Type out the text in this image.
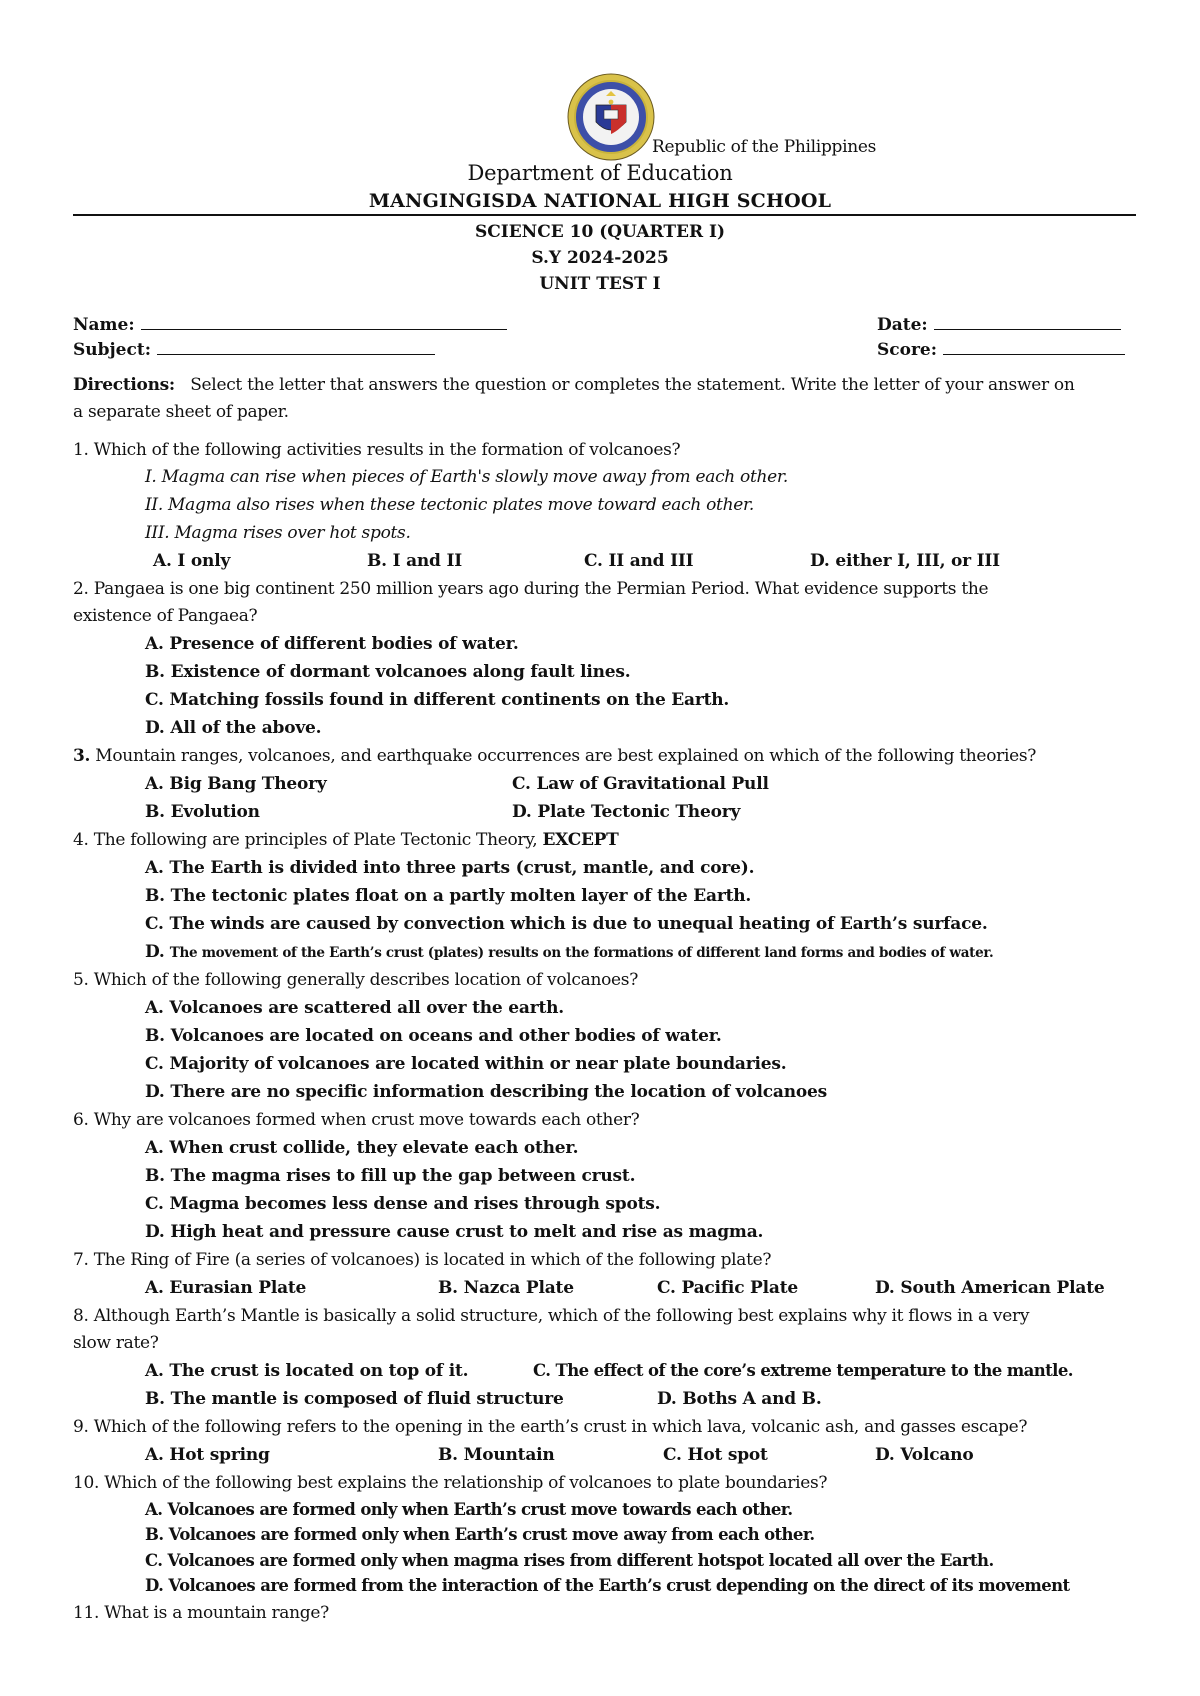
Republic of the Philippines
Department of Education
MANGINGISDA NATIONAL HIGH SCHOOL
SCIENCE 10 (QUARTER I)
S.Y 2024-2025
UNIT TEST I
Name:	Date:
Subject:	Score:
Directions: Select the letter that answers the question or completes the statement. Write the letter of your answer on
a separate sheet of paper.
1. Which of the following activities results in the formation of volcanoes?
I. Magma can rise when pieces of Earth's slowly move away from each other.
II. Magma also rises when these tectonic plates move toward each other.
III. Magma rises over hot spots.
A. I only	B. I and II	C. II and III	D. either I, III, or III
2. Pangaea is one big continent 250 million years ago during the Permian Period. What evidence supports the
existence of Pangaea?
A. Presence of different bodies of water.
B. Existence of dormant volcanoes along fault lines.
C. Matching fossils found in different continents on the Earth.
D. All of the above.
3. Mountain ranges, volcanoes, and earthquake occurrences are best explained on which of the following theories?
A. Big Bang Theory	C. Law of Gravitational Pull
B. Evolution	D. Plate Tectonic Theory
4. The following are principles of Plate Tectonic Theory, EXCEPT
A. The Earth is divided into three parts (crust, mantle, and core).
B. The tectonic plates float on a partly molten layer of the Earth.
C. The winds are caused by convection which is due to unequal heating of Earth’s surface.
D. The movement of the Earth’s crust (plates) results on the formations of different land forms and bodies of water.
5. Which of the following generally describes location of volcanoes?
A. Volcanoes are scattered all over the earth.
B. Volcanoes are located on oceans and other bodies of water.
C. Majority of volcanoes are located within or near plate boundaries.
D. There are no specific information describing the location of volcanoes
6. Why are volcanoes formed when crust move towards each other?
A. When crust collide, they elevate each other.
B. The magma rises to fill up the gap between crust.
C. Magma becomes less dense and rises through spots.
D. High heat and pressure cause crust to melt and rise as magma.
7. The Ring of Fire (a series of volcanoes) is located in which of the following plate?
A. Eurasian Plate	B. Nazca Plate	C. Pacific Plate	D. South American Plate
8. Although Earth’s Mantle is basically a solid structure, which of the following best explains why it flows in a very
slow rate?
A. The crust is located on top of it.	C. The effect of the core’s extreme temperature to the mantle.
B. The mantle is composed of fluid structure	D. Boths A and B.
9. Which of the following refers to the opening in the earth’s crust in which lava, volcanic ash, and gasses escape?
A. Hot spring	B. Mountain	C. Hot spot	D. Volcano
10. Which of the following best explains the relationship of volcanoes to plate boundaries?
A. Volcanoes are formed only when Earth’s crust move towards each other.
B. Volcanoes are formed only when Earth’s crust move away from each other.
C. Volcanoes are formed only when magma rises from different hotspot located all over the Earth.
D. Volcanoes are formed from the interaction of the Earth’s crust depending on the direct of its movement
11. What is a mountain range?
